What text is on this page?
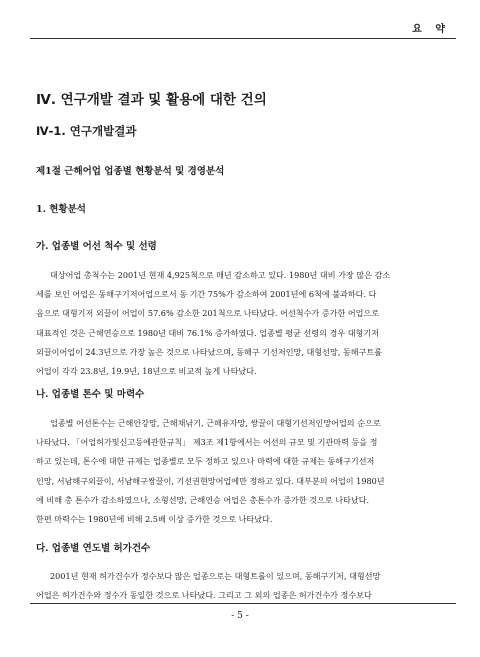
요 약
Ⅳ. 연구개발 결과 및 활용에 대한 건의
Ⅳ-1. 연구개발결과
제1절 근해어업 업종별 현황분석 및 경영분석
1. 현황분석
가. 업종별 어선 척수 및 선령

대상어업 총척수는 2001년 현재 4,925척으로 매년 감소하고 있다. 1980년 대비 가장 많은 감소

세를 보인 어업은 동해구기저어업으로서 동 기간 75%가 감소하여 2001년에 6척에 불과하다. 다

음으로 대형기저 외끌이 어업이 57.6% 감소한 201척으로 나타났다. 어선척수가 증가한 어업으로

대표적인 것은 근해연승으로 1980년 대비 76.1% 증가하였다. 업종별 평균 선령의 경우 대형기저

외끌이어업이 24.3년으로 가장 높은 것으로 나타났으며, 동해구 기선저인망, 대형선망, 동해구트롤

어업이 각각 23.8년, 19.9년, 18년으로 비교적 높게 나타났다.

나. 업종별 톤수 및 마력수

업종별 어선톤수는 근해안강망, 근해채낚기, 근해유자망, 쌍끌이 대형기선저인망어업의 순으로

나타났다. 「어업허가및신고등에관한규칙」 제3조 제1항에서는 어선의 규모 및 기관마력 등을 정

하고 있는데, 톤수에 대한 규제는 업종별로 모두 정하고 있으나 마력에 대한 규제는 동해구기선저

인망, 서남해구외끌이, 서남해구쌍끌이, 기선권현망어업에만 정하고 있다. 대부분의 어업이 1980년

에 비해 총 톤수가 감소하였으나, 소형선망, 근해연승 어업은 총톤수가 증가한 것으로 나타났다.

한편 마력수는 1980년에 비해 2.5배 이상 증가한 것으로 나타났다.

다. 업종별 연도별 허가건수

2001년 현재 허가건수가 정수보다 많은 업종으로는 대형트롤이 있으며, 동해구기저, 대형선망

어업은 허가건수와 정수가 동일한 것으로 나타났다. 그리고 그 외의 업종은 허가건수가 정수보다

- 5 -
